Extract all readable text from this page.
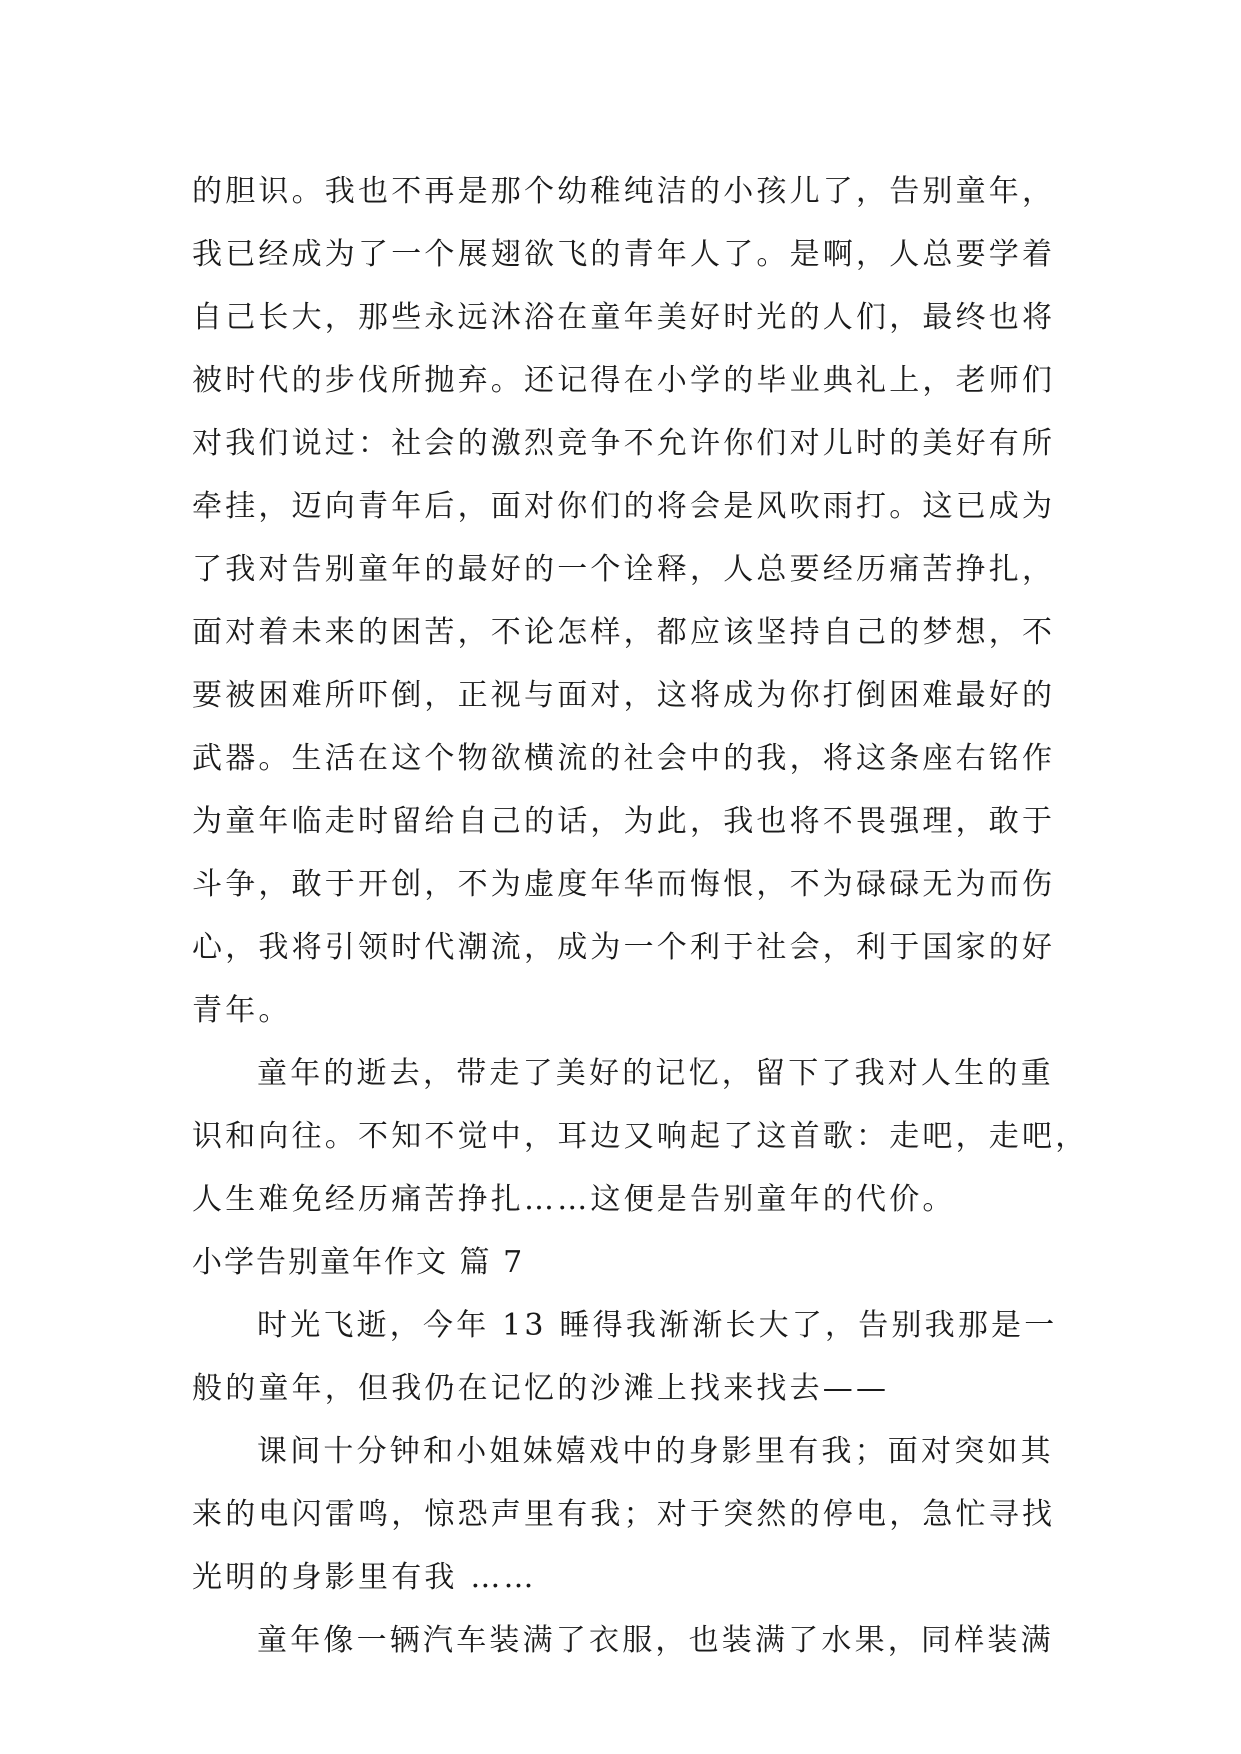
的胆识。我也不再是那个幼稚纯洁的小孩儿了，告别童年，
我已经成为了一个展翅欲飞的青年人了。是啊，人总要学着
自己长大，那些永远沐浴在童年美好时光的人们，最终也将
被时代的步伐所抛弃。还记得在小学的毕业典礼上，老师们
对我们说过：社会的激烈竞争不允许你们对儿时的美好有所
牵挂，迈向青年后，面对你们的将会是风吹雨打。这已成为
了我对告别童年的最好的一个诠释，人总要经历痛苦挣扎，
面对着未来的困苦，不论怎样，都应该坚持自己的梦想，不
要被困难所吓倒，正视与面对，这将成为你打倒困难最好的
武器。生活在这个物欲横流的社会中的我，将这条座右铭作
为童年临走时留给自己的话，为此，我也将不畏强理，敢于
斗争，敢于开创，不为虚度年华而悔恨，不为碌碌无为而伤
心，我将引领时代潮流，成为一个利于社会，利于国家的好
青年。
童年的逝去，带走了美好的记忆，留下了我对人生的重
识和向往。不知不觉中，耳边又响起了这首歌：走吧，走吧，
人生难免经历痛苦挣扎……这便是告别童年的代价。
小学告别童年作文 篇 7
时光飞逝，今年 13 睡得我渐渐长大了，告别我那是一
般的童年，但我仍在记忆的沙滩上找来找去——
课间十分钟和小姐妹嬉戏中的身影里有我；面对突如其
来的电闪雷鸣，惊恐声里有我；对于突然的停电，急忙寻找
光明的身影里有我 ……
童年像一辆汽车装满了衣服，也装满了水果，同样装满
